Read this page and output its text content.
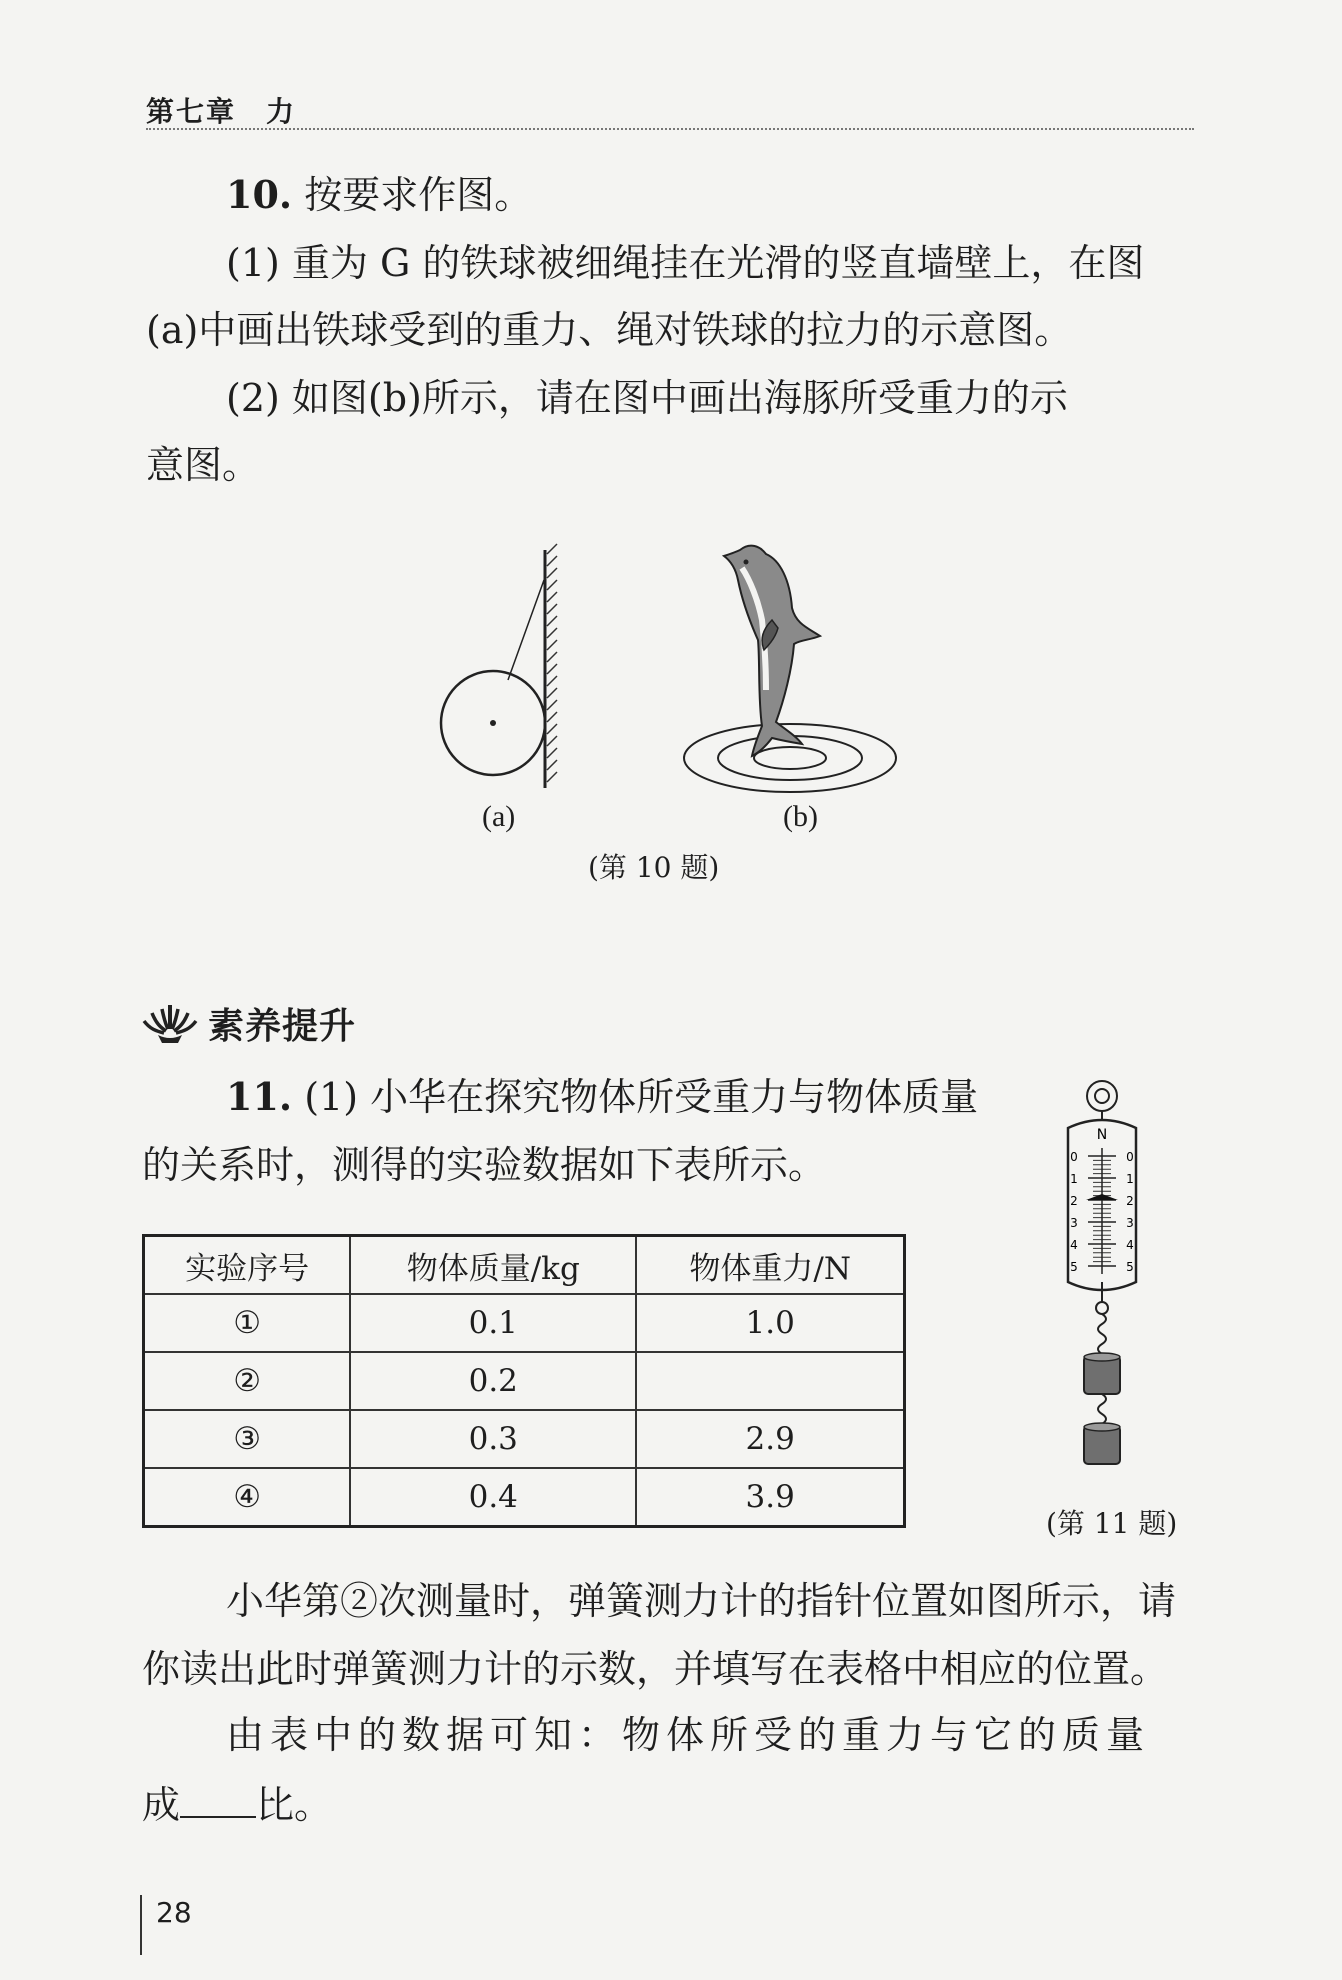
第七章　力
10. 按要求作图。
(1) 重为 G 的铁球被细绳挂在光滑的竖直墙壁上，在图
(a)中画出铁球受到的重力、绳对铁球的拉力的示意图。
(2) 如图(b)所示，请在图中画出海豚所受重力的示
意图。
(a)	(b)
(第 10 题)
素养提升
11. (1) 小华在探究物体所受重力与物体质量
的关系时，测得的实验数据如下表所示。
实验序号	物体质量/kg	物体重力/N
①	0.1	1.0
②	0.2	
③	0.3	2.9
④	0.4	3.9
N
0	0
1	1
2	2
3	3
4	4
5	5
(第 11 题)
小华第②次测量时，弹簧测力计的指针位置如图所示，请
你读出此时弹簧测力计的示数，并填写在表格中相应的位置。
由表中的数据可知：物体所受的重力与它的质量
成 比。
28
